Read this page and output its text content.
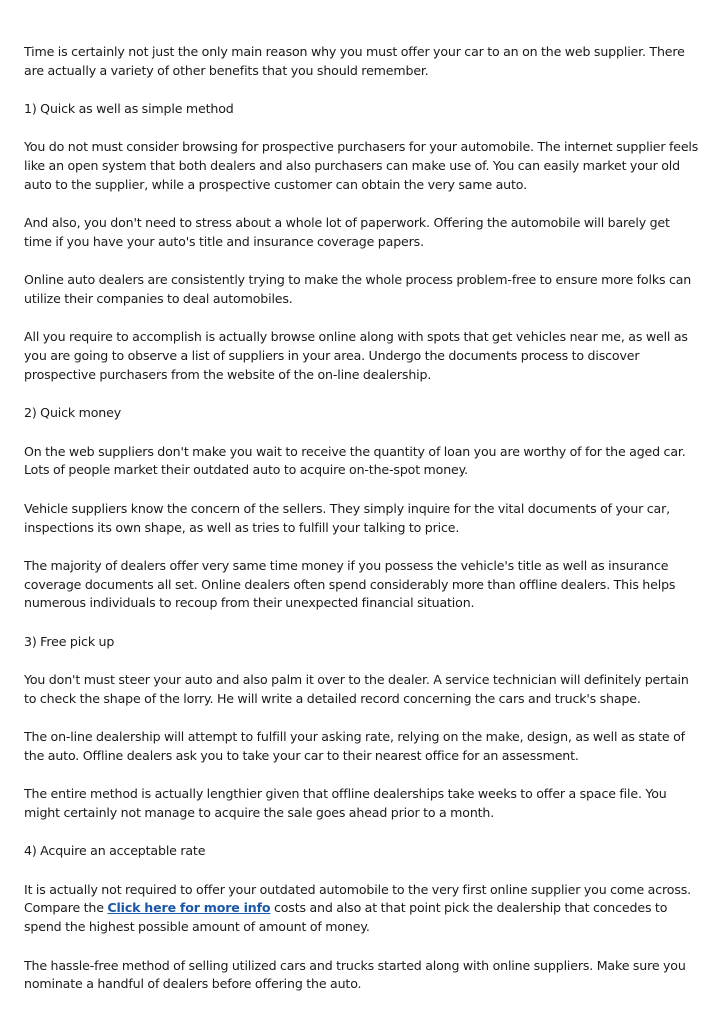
Time is certainly not just the only main reason why you must offer your car to an on the web supplier. There are actually a variety of other benefits that you should remember.

1) Quick as well as simple method

You do not must consider browsing for prospective purchasers for your automobile. The internet supplier feels like an open system that both dealers and also purchasers can make use of. You can easily market your old auto to the supplier, while a prospective customer can obtain the very same auto.

And also, you don't need to stress about a whole lot of paperwork. Offering the automobile will barely get time if you have your auto's title and insurance coverage papers.

Online auto dealers are consistently trying to make the whole process problem-free to ensure more folks can utilize their companies to deal automobiles.

All you require to accomplish is actually browse online along with spots that get vehicles near me, as well as you are going to observe a list of suppliers in your area. Undergo the documents process to discover prospective purchasers from the website of the on-line dealership.

2) Quick money

On the web suppliers don't make you wait to receive the quantity of loan you are worthy of for the aged car. Lots of people market their outdated auto to acquire on-the-spot money.

Vehicle suppliers know the concern of the sellers. They simply inquire for the vital documents of your car, inspections its own shape, as well as tries to fulfill your talking to price.

The majority of dealers offer very same time money if you possess the vehicle's title as well as insurance coverage documents all set. Online dealers often spend considerably more than offline dealers. This helps numerous individuals to recoup from their unexpected financial situation.

3) Free pick up

You don't must steer your auto and also palm it over to the dealer. A service technician will definitely pertain to check the shape of the lorry. He will write a detailed record concerning the cars and truck's shape.

The on-line dealership will attempt to fulfill your asking rate, relying on the make, design, as well as state of the auto. Offline dealers ask you to take your car to their nearest office for an assessment.

The entire method is actually lengthier given that offline dealerships take weeks to offer a space file. You might certainly not manage to acquire the sale goes ahead prior to a month.

4) Acquire an acceptable rate

It is actually not required to offer your outdated automobile to the very first online supplier you come across. Compare the Click here for more info costs and also at that point pick the dealership that concedes to spend the highest possible amount of amount of money.

The hassle-free method of selling utilized cars and trucks started along with online suppliers. Make sure you nominate a handful of dealers before offering the auto.
